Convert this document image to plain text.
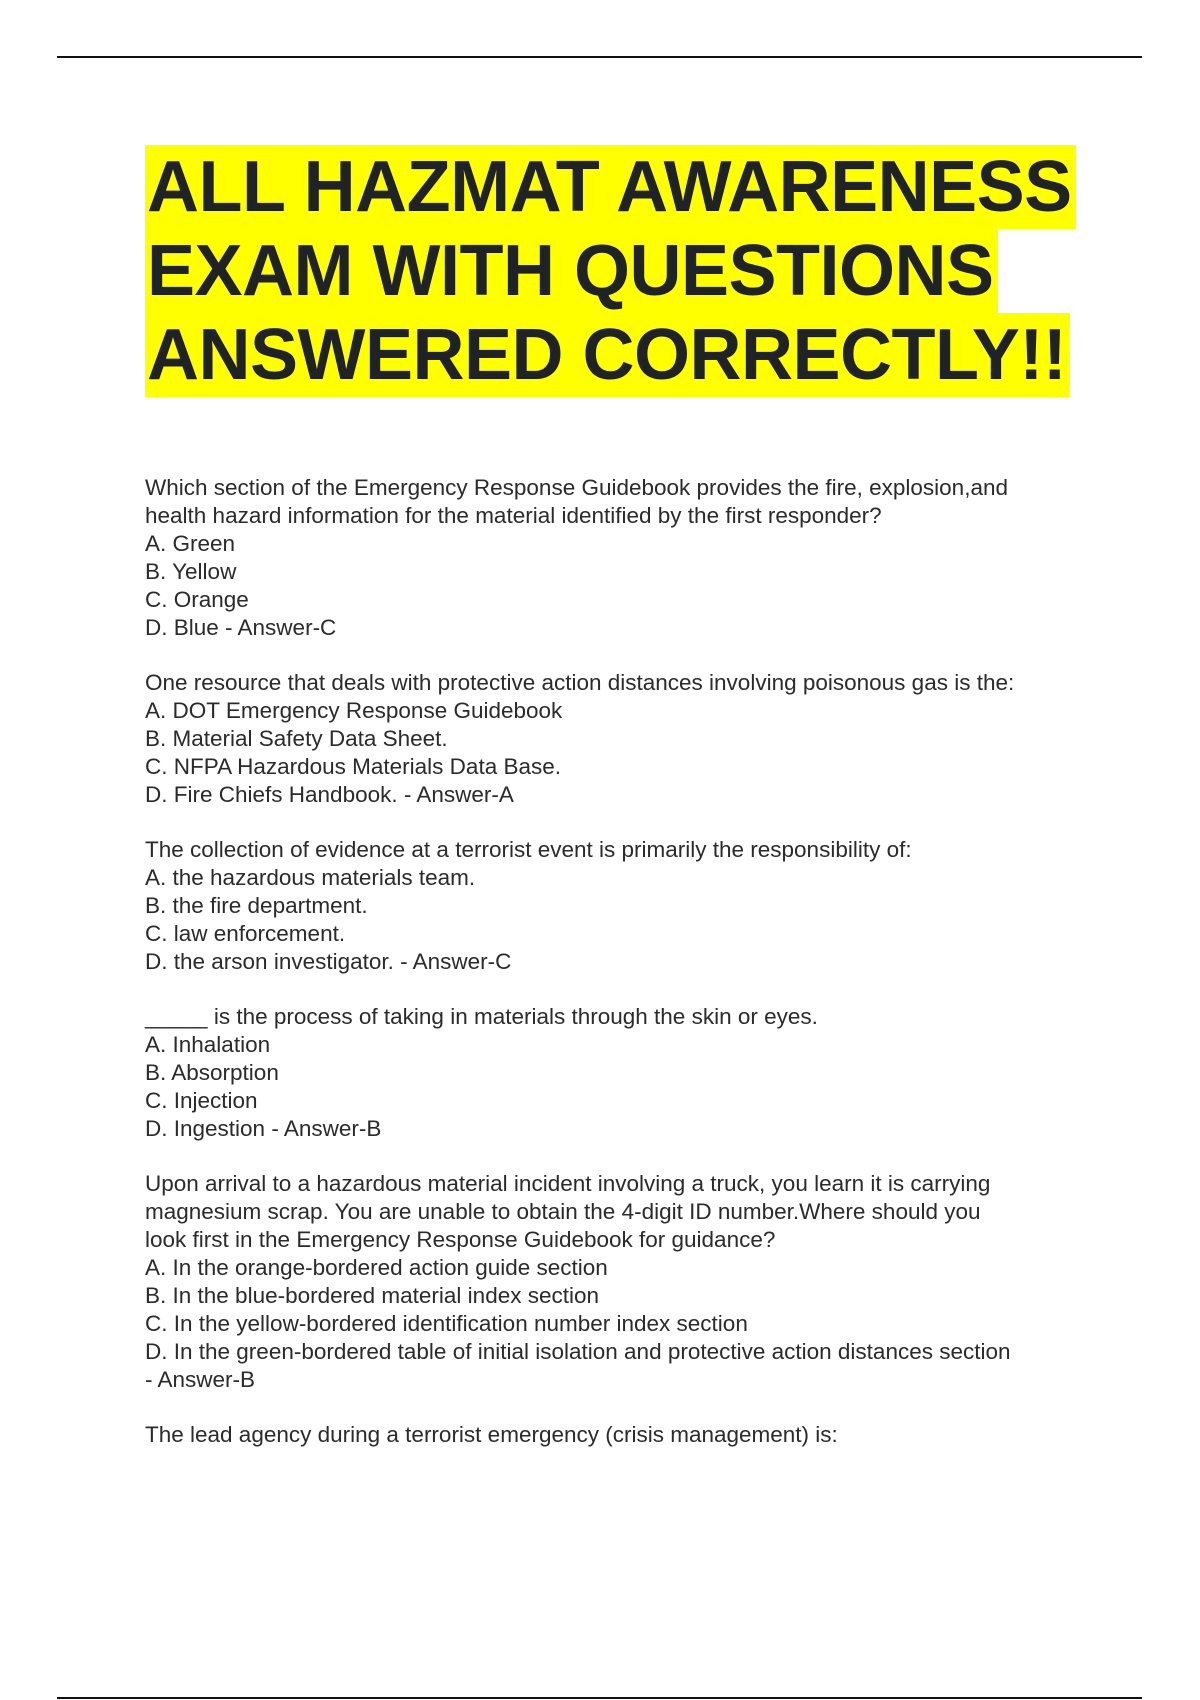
ALL HAZMAT AWARENESS
EXAM WITH QUESTIONS
ANSWERED CORRECTLY!!
Which section of the Emergency Response Guidebook provides the fire, explosion,and
health hazard information for the material identified by the first responder?
A. Green
B. Yellow
C. Orange
D. Blue - Answer-C
One resource that deals with protective action distances involving poisonous gas is the:
A. DOT Emergency Response Guidebook
B. Material Safety Data Sheet.
C. NFPA Hazardous Materials Data Base.
D. Fire Chiefs Handbook. - Answer-A
The collection of evidence at a terrorist event is primarily the responsibility of:
A. the hazardous materials team.
B. the fire department.
C. law enforcement.
D. the arson investigator. - Answer-C
_____ is the process of taking in materials through the skin or eyes.
A. Inhalation
B. Absorption
C. Injection
D. Ingestion - Answer-B
Upon arrival to a hazardous material incident involving a truck, you learn it is carrying
magnesium scrap. You are unable to obtain the 4-digit ID number.Where should you
look first in the Emergency Response Guidebook for guidance?
A. In the orange-bordered action guide section
B. In the blue-bordered material index section
C. In the yellow-bordered identification number index section
D. In the green-bordered table of initial isolation and protective action distances section
- Answer-B
The lead agency during a terrorist emergency (crisis management) is:
